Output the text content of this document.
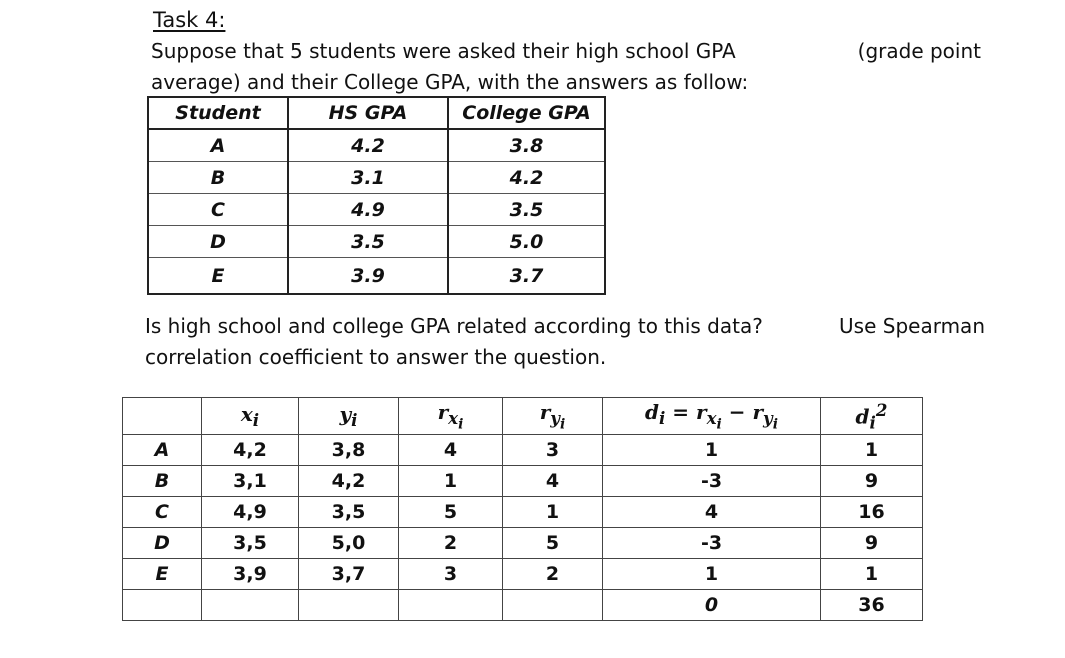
Task 4:
Suppose that 5 students were asked their high school GPA	(grade point
average) and their College GPA, with the answers as follow:
Student	HS GPA	College GPA
A	4.2	3.8
B	3.1	4.2
C	4.9	3.5
D	3.5	5.0
E	3.9	3.7
Is high school and college GPA related according to this data?	Use Spearman
correlation coefficient to answer the question.
	$x_i$	$y_i$	$r_{x_i}$	$r_{y_i}$	$d_i = r_{x_i} - r_{y_i}$	$d_i^2$
A	4,2	3,8	4	3	1	1
B	3,1	4,2	1	4	-3	9
C	4,9	3,5	5	1	4	16
D	3,5	5,0	2	5	-3	9
E	3,9	3,7	3	2	1	1
					0	36
